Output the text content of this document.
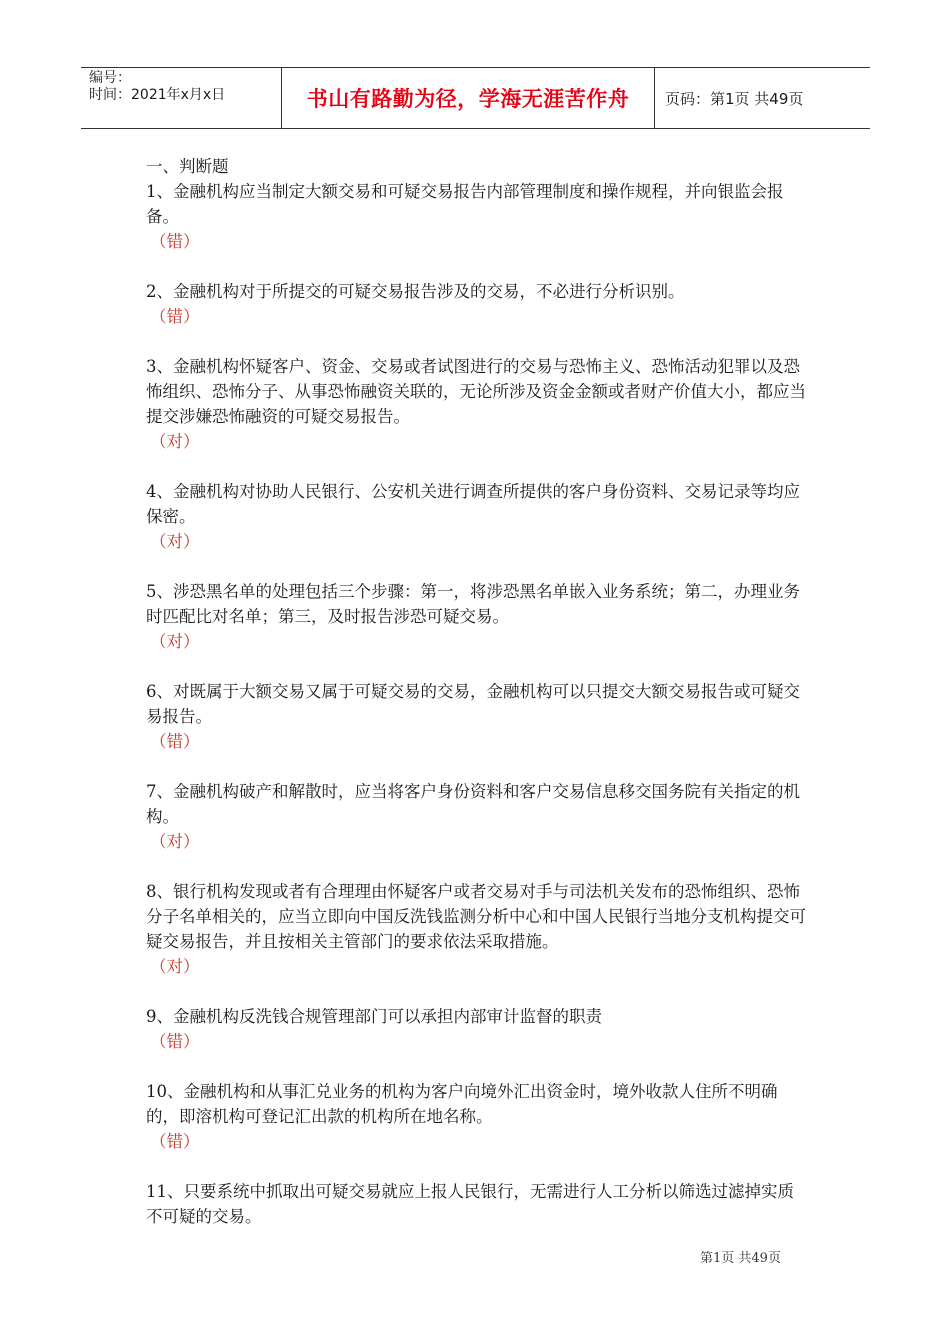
编号：
时间：2021年x月x日	书山有路勤为径，学海无涯苦作舟	页码：第1页 共49页
一、判断题
1、金融机构应当制定大额交易和可疑交易报告内部管理制度和操作规程，并向银监会报备。
（错）
2、金融机构对于所提交的可疑交易报告涉及的交易，不必进行分析识别。
（错）
3、金融机构怀疑客户、资金、交易或者试图进行的交易与恐怖主义、恐怖活动犯罪以及恐怖组织、恐怖分子、从事恐怖融资关联的，无论所涉及资金金额或者财产价值大小，都应当提交涉嫌恐怖融资的可疑交易报告。
（对）
4、金融机构对协助人民银行、公安机关进行调查所提供的客户身份资料、交易记录等均应保密。
（对）
5、涉恐黑名单的处理包括三个步骤：第一，将涉恐黑名单嵌入业务系统；第二，办理业务时匹配比对名单；第三，及时报告涉恐可疑交易。
（对）
6、对既属于大额交易又属于可疑交易的交易，金融机构可以只提交大额交易报告或可疑交易报告。
（错）
7、金融机构破产和解散时，应当将客户身份资料和客户交易信息移交国务院有关指定的机构。
（对）
8、银行机构发现或者有合理理由怀疑客户或者交易对手与司法机关发布的恐怖组织、恐怖分子名单相关的，应当立即向中国反洗钱监测分析中心和中国人民银行当地分支机构提交可疑交易报告，并且按相关主管部门的要求依法采取措施。
（对）
9、金融机构反洗钱合规管理部门可以承担内部审计监督的职责
（错）
10、金融机构和从事汇兑业务的机构为客户向境外汇出资金时，境外收款人住所不明确的，即溶机构可登记汇出款的机构所在地名称。
（错）
11、只要系统中抓取出可疑交易就应上报人民银行，无需进行人工分析以筛选过滤掉实质不可疑的交易。
第1页 共49页
